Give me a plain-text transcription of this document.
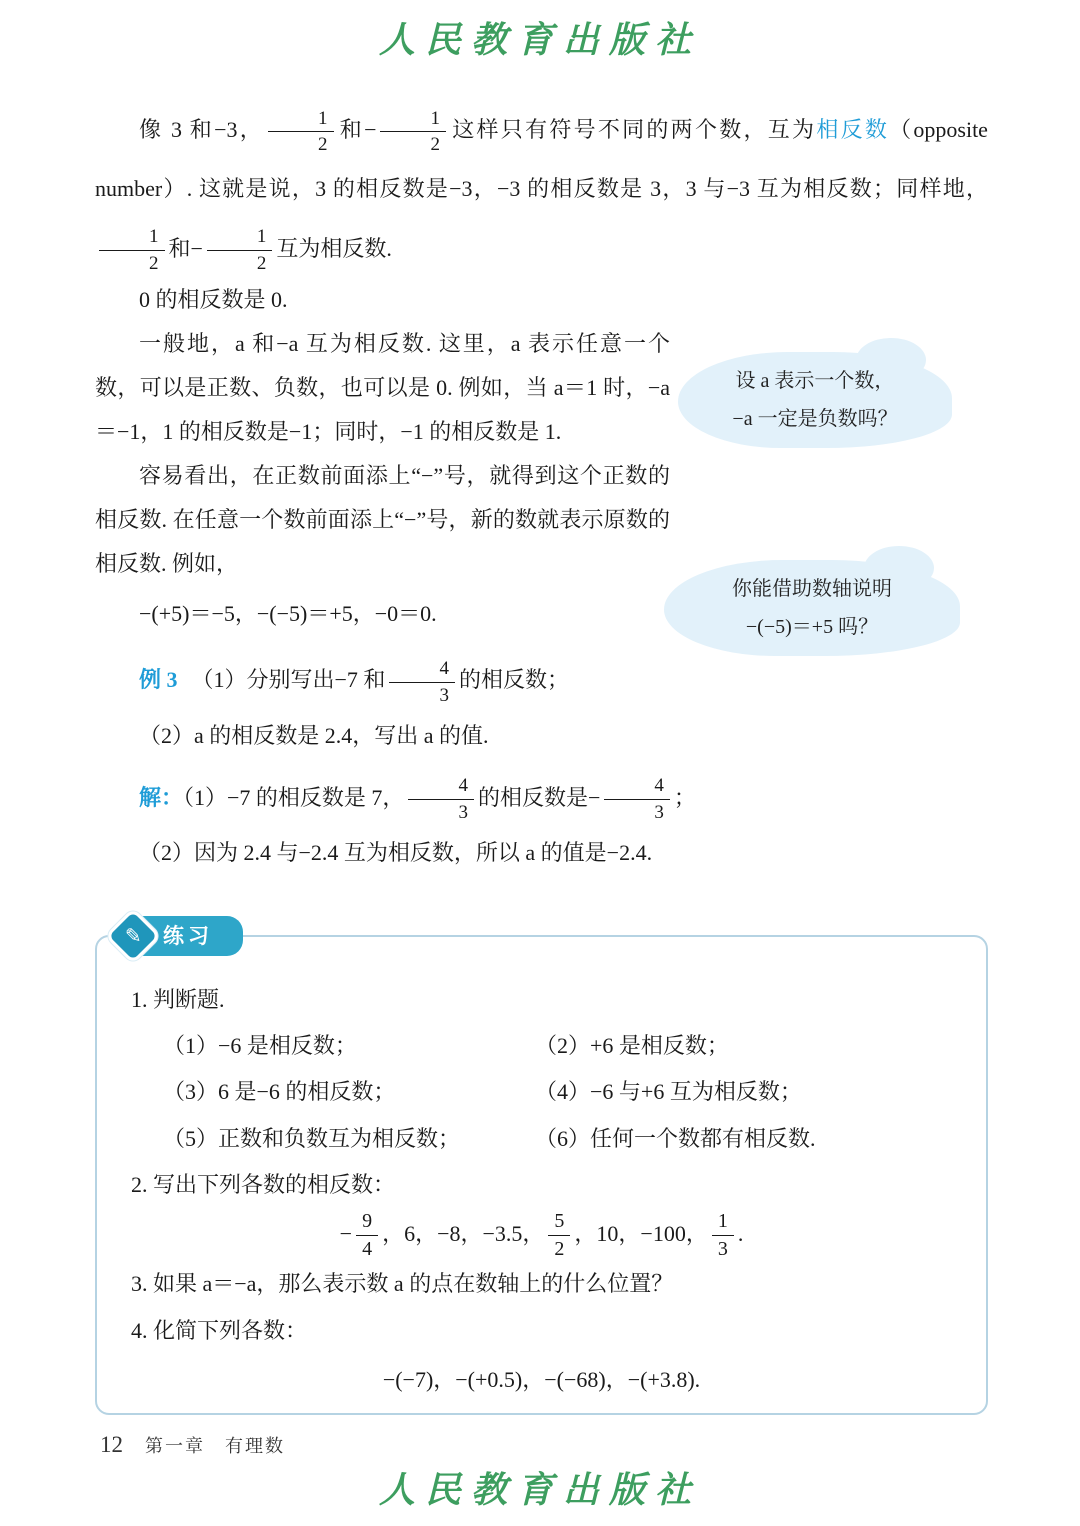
人民教育出版社

像 3 和−3， $\frac{1}{2}$ 和− $\frac{1}{2}$ 这样只有符号不同的两个数，互为相反数（opposite number）. 这就是说，3 的相反数是−3，−3 的相反数是 3，3 与−3 互为相反数；同样地，
$\frac{1}{2}$ 和− $\frac{1}{2}$ 互为相反数.

0 的相反数是 0.

一般地，a 和−a 互为相反数. 这里，a 表示任意一个数，可以是正数、负数，也可以是 0. 例如，当 a＝1 时，−a＝−1，1 的相反数是−1；同时，−1 的相反数是 1.

容易看出，在正数前面添上“−”号，就得到这个正数的相反数. 在任意一个数前面添上“−”号，新的数就表示原数的相反数. 例如，

−(+5)＝−5，−(−5)＝+5，−0＝0.

例 3 （1）分别写出−7 和 $\frac{4}{3}$ 的相反数；

（2）a 的相反数是 2.4，写出 a 的值.

解：（1）−7 的相反数是 7， $\frac{4}{3}$ 的相反数是− $\frac{4}{3}$ ；

（2）因为 2.4 与−2.4 互为相反数，所以 a 的值是−2.4.

设 a 表示一个数，
−a 一定是负数吗？
你能借助数轴说明
−(−5)＝+5 吗？
✎	练习

1. 判断题.

（1）−6 是相反数；	（2）+6 是相反数；
（3）6 是−6 的相反数；	（4）−6 与+6 互为相反数；
（5）正数和负数互为相反数；	（6）任何一个数都有相反数.

2. 写出下列各数的相反数：

− $\frac{9}{4}$ ，6，−8，−3.5， $\frac{5}{2}$ ，10，−100， $\frac{1}{3}$ .

3. 如果 a＝−a，那么表示数 a 的点在数轴上的什么位置？

4. 化简下列各数：

−(−7)，−(+0.5)，−(−68)，−(+3.8).

12 第一章　有理数
人民教育出版社
